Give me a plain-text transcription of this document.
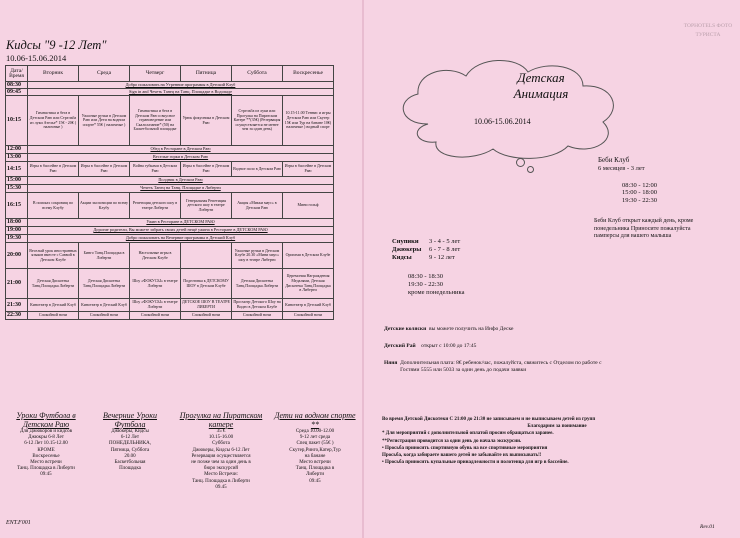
Кидсы "9 -12 Лет"
10.06-15.06.2014
Дата/ Время	Вторник	Среда	Четверг	Пятница	Суббота	Воскресенье
08:30	Добро пожаловать на Утренние программы в Детский Клуб					
09:45	Sign in and Чечеть Танец на Танц. Площадке в Водопаде					
10:15	Гимнастика и бега в Детском Раю или Стрельба из луки Ателье* 15€ - 20€ ( наличные )	Ужасные ручки в Детском Раю или Дети на водном спорте* 55€ ( наличные )	Гимнастика и бега в Детском Раю и вкусное страноведение или Скалолазание* (50) на Баскетбольной площадке	Урюк фокусника в Детском Раю	Стрельба из луки или Прогулка на Пиратском Катере **(35€) (Резервация осуществляется не менее чем за один день)	10.15-11.00 Теннис и игры Детском Раю или Скутер 15€ или Тур на банане 10€) наличные ) водный спорт
12:00	Обед в Ресторане в Детском Раю					
13:00	Веселые горки в Детском Раю					
14:15	Игры в бассейне в Детском Раю	Игры в бассейне в Детском Раю	Война губками в Детском Раю	Игры в бассейне в Детском Раю	Водное поло в Детском Раю	Игры в бассейне в Детском Раю
15:00	Полдник в Детском Раю					
15:30	Чечеть Танец на Танц. Площадке в Либерти					
16:15	В поисках сокровищ по всему Клубу	Акции экспозиции по всему Клубу	Репетиция детского шоу в театре Либерти	Генеральная Репетиция детского шоу в театре Либерти	Акция «Микки маус» в Детском Раю	Мини гольф
18:00	Ужин в Ресторане в ДЕТСКОМ РАЮ					
19:00	Дорогие родители, Вы можете забрать своих детей нещё ужина в Ресторане в ДЕТСКОМ РАЮ					
19:30	Добро пожаловать на Вечерние программы в Детский Клуб					
20:00	Веселый урок иностранных языков вместе с Саввой в Детском Клубе	Бинго Танц.Площадка в Либерти	Настольные игры в Детском Клубе		Ужасные ручки в Детском Клубе 20.30 «Мини маус» шоу в театре Либерти	Оригами в Детском Клубе
21:00	Детская Дискотека Танц.Площадка Либерти	Детская Дискотека Танц.Площадка Либерти	Шоу «ФОКУСЫ» в театре Либерти	Подготовка к ДЕТСКОМУ ШОУ в Детском Клубе	Детская Дискотека Танц.Площадка Либерти	Церемония Награждения Медалями, Детская Дискотека Танц.Площадка в Либерти
21:30	Кинотеатр в Детский Клуб	Кинотеатр в Детский Клуб	Шоу «ФОКУСЫ» в театре Либерти	ДЕТСКОЕ ШОУ В ТЕАТРЕ ЛИБЕРТИ	Просмотр Детского Шоу на Видео в Детском Клубе	Кинотеатр в Детский Клуб
22:30	Спокойной ночи	Спокойной ночи	Спокойной ночи	Спокойной ночи	Спокойной ночи	Спокойной ночи
Уроки Футбола в Детском Раю
Для Джюкоров и кидсов
Джюкры 6-8 Лет
6-12 Лет 10.15-12.00
КРОМЕ
Воскресенье
Место встречи
Танц. Площадка в Либерти
09:45
Вечерние Уроки Футбола
Джюкеры, Кидсы
6-12 Лет
ПОНЕДЕЛЬНИКА,
Пятница, Суббота
20.00
Баскетбольная
Площадка
Прогулка на Пиратском катере
35 €
10.15-16.00
Суббота
Джюкеры, Кидсы 6-12 Лет
Резервация осуществляется
не позже чем за один день в
бюро экскурсий
Место Встречи:
Танц. Площадка в Либерти
09.45
Дети на водном спорте **
Среда 10.00-12.00
9-12 лет среда
Спец пакет (55€ )
Скутер,Ринго,Катер,Тур
на банане
Место встречи
Танц. Площадка в
Либерти
09:45
ENT.F001
TOPHOTELS ФОТО ТУРИСТА
Детская Анимация
10.06-15.06.2014
Беби Клуб
6 месяцев - 3 лет
08:30 - 12:00
15:00 - 18:00
19:30 - 22:30
Беби Клуб открыт каждый день, кроме понедельника Приносите пожалуйста памперсы для вашего малыша
Снупики 3 - 4 - 5 лет
Джюкеры 6 - 7 - 8 лет
Кидсы	9 - 12 лет
08:30 - 18:30
19:30 - 22:30
кроме понедельника

Детские коляски вы можете получить на Инфо Деске

Детский Рай открыт с 10:00 до 17:45

Няня Дополнительная плата: 8€ ребенок/час, пожалуйста, свяжитесь с Отделом по работе с Гостями 5555 или 5033 за один день до подачи заявки

Во время Детской Дискотеки С 21:00 до 21:30 не записываем и не выписываем детей из групп
Благодарим за понимание
* Для мероприятий с дополнительной оплатой просим обращаться заранее.
**Регистрация проводится за один день до начала экскурсии.
• Просьба приносить спортивную обувь на все спортивные мероприятия
Просьба, когда забираете вашего детей не забывайте их выписывать!!
• Просьба приносить купальные принадлежности и полотенца для игр в бассейне.
Rev.01
